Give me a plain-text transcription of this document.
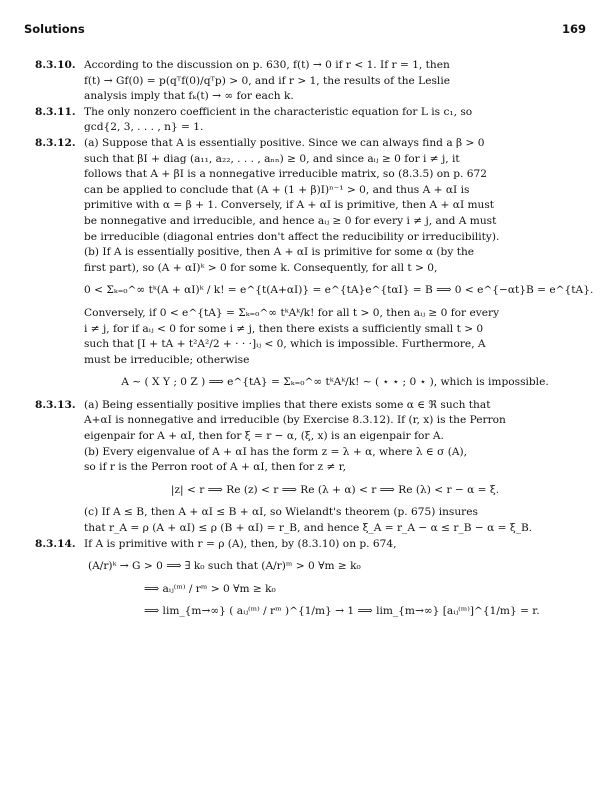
Solutions	169
8.3.10. According to the discussion on p. 630, f(t) → 0 if r < 1. If r = 1, then

f(t) → Gf(0) = p(qᵀf(0)/qᵀp) > 0, and if r > 1, the results of the Leslie

analysis imply that fₖ(t) → ∞ for each k.

8.3.11. The only nonzero coefficient in the characteristic equation for L is c₁, so

gcd{2, 3, . . . , n} = 1.

8.3.12. (a) Suppose that A is essentially positive. Since we can always find a β > 0

such that βI + diag (a₁₁, a₂₂, . . . , aₙₙ) ≥ 0, and since aᵢⱼ ≥ 0 for i ≠ j, it

follows that A + βI is a nonnegative irreducible matrix, so (8.3.5) on p. 672

can be applied to conclude that (A + (1 + β)I)ⁿ⁻¹ > 0, and thus A + αI is

primitive with α = β + 1. Conversely, if A + αI is primitive, then A + αI must

be nonnegative and irreducible, and hence aᵢⱼ ≥ 0 for every i ≠ j, and A must

be irreducible (diagonal entries don't affect the reducibility or irreducibility).

(b) If A is essentially positive, then A + αI is primitive for some α (by the

first part), so (A + αI)ᵏ > 0 for some k. Consequently, for all t > 0,

0 < Σₖ₌₀^∞ tᵏ(A + αI)ᵏ / k! = e^{t(A+αI)} = e^{tA}e^{tαI} = B ⟹ 0 < e^{−αt}B = e^{tA}.

Conversely, if 0 < e^{tA} = Σₖ₌₀^∞ tᵏAᵏ/k! for all t > 0, then aᵢⱼ ≥ 0 for every

i ≠ j, for if aᵢⱼ < 0 for some i ≠ j, then there exists a sufficiently small t > 0

such that [I + tA + t²A²/2 + · · ·]ᵢⱼ < 0, which is impossible. Furthermore, A

must be irreducible; otherwise

A ∼ ( X Y ; 0 Z ) ⟹ e^{tA} = Σₖ₌₀^∞ tᵏAᵏ/k! ∼ ( ⋆ ⋆ ; 0 ⋆ ), which is impossible.
8.3.13. (a) Being essentially positive implies that there exists some α ∈ ℜ such that

A+αI is nonnegative and irreducible (by Exercise 8.3.12). If (r, x) is the Perron

eigenpair for A + αI, then for ξ = r − α, (ξ, x) is an eigenpair for A.

(b) Every eigenvalue of A + αI has the form z = λ + α, where λ ∈ σ (A),

so if r is the Perron root of A + αI, then for z ≠ r,

|z| < r ⟹ Re (z) < r ⟹ Re (λ + α) < r ⟹ Re (λ) < r − α = ξ.

(c) If A ≤ B, then A + αI ≤ B + αI, so Wielandt's theorem (p. 675) insures

that r_A = ρ (A + αI) ≤ ρ (B + αI) = r_B, and hence ξ_A = r_A − α ≤ r_B − α = ξ_B.

8.3.14. If A is primitive with r = ρ (A), then, by (8.3.10) on p. 674,

(A/r)ᵏ → G > 0 ⟹ ∃ k₀ such that (A/r)ᵐ > 0 ∀m ≥ k₀
⟹ aᵢⱼ⁽ᵐ⁾ / rᵐ > 0 ∀m ≥ k₀
⟹ lim_{m→∞} ( aᵢⱼ⁽ᵐ⁾ / rᵐ )^{1/m} → 1 ⟹ lim_{m→∞} [aᵢⱼ⁽ᵐ⁾]^{1/m} = r.
